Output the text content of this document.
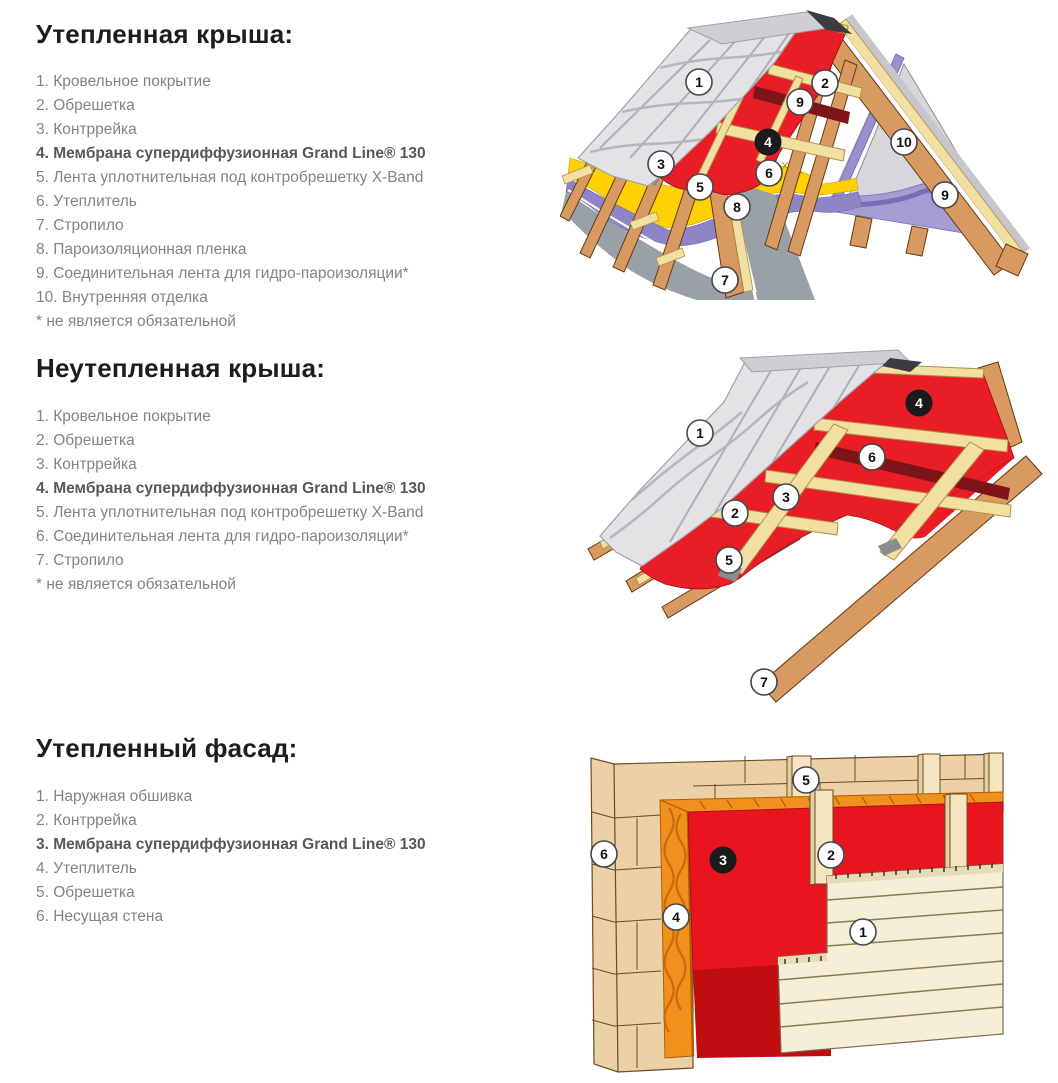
Утепленная крыша:
1. Кровельное покрытие
2. Обрешетка
3. Контррейка
4. Мембрана супердиффузионная Grand Line® 130
5. Лента уплотнительная под контробрешетку X-Band
6. Утеплитель
7. Стропило
8. Пароизоляционная пленка
9. Соединительная лента для гидро-пароизоляции*
10. Внутренняя отделка
* не является обязательной
Неутепленная крыша:
1. Кровельное покрытие
2. Обрешетка
3. Контррейка
4. Мембрана супердиффузионная Grand Line® 130
5. Лента уплотнительная под контробрешетку X-Band
6. Соединительная лента для гидро-пароизоляции*
7. Стропило
* не является обязательной
Утепленный фасад:
1. Наружная обшивка
2. Контррейка
3. Мембрана супердиффузионная Grand Line® 130
4. Утеплитель
5. Обрешетка
6. Несущая стена
1	2
9
4
3
6
5
8
10
9
7
1
4
6
3
2
5
7
5
6	3	2
4
1
